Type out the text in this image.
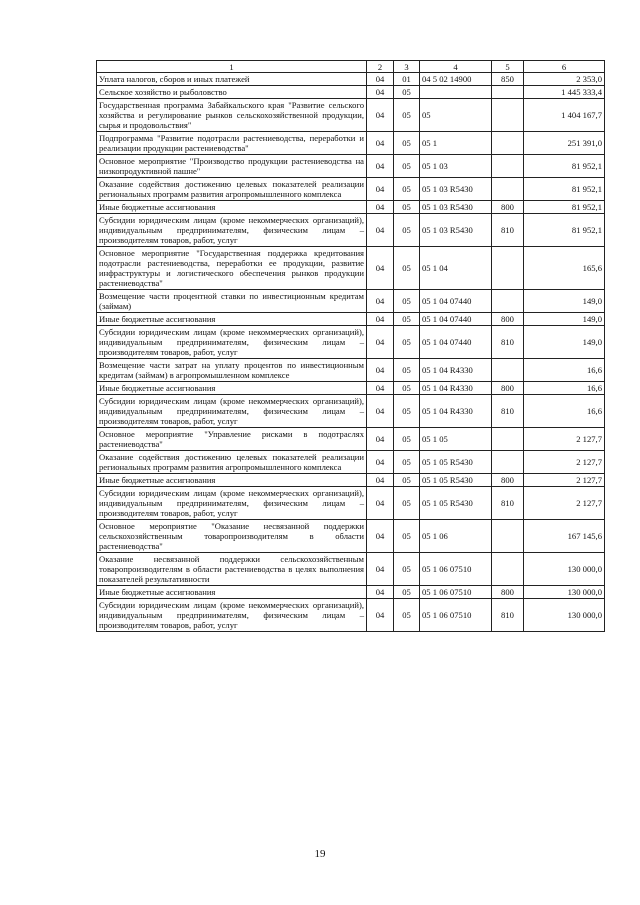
1	2	3	4	5	6
Уплата налогов, сборов и иных платежей	04	01	04 5 02 14900	850	2 353,0
Сельское хозяйство и рыболовство	04	05			1 445 333,4
Государственная программа Забайкальского края "Развитие сельского хозяйства и регулирование рынков сельскохозяйственной продукции, сырья и продовольствия"	04	05	05		1 404 167,7
Подпрограмма "Развитие подотрасли растениеводства, переработки и реализации продукции растениеводства"	04	05	05 1		251 391,0
Основное мероприятие "Производство продукции растениеводства на низкопродуктивной пашне"	04	05	05 1 03		81 952,1
Оказание содействия достижению целевых показателей реализации региональных программ развития агропромышленного комплекса	04	05	05 1 03 R5430		81 952,1
Иные бюджетные ассигнования	04	05	05 1 03 R5430	800	81 952,1
Субсидии юридическим лицам (кроме некоммерческих организаций), индивидуальным предпринимателям, физическим лицам – производителям товаров, работ, услуг	04	05	05 1 03 R5430	810	81 952,1
Основное мероприятие "Государственная поддержка кредитования подотрасли растениеводства, переработки ее продукции, развитие инфраструктуры и логистического обеспечения рынков продукции растениеводства"	04	05	05 1 04		165,6
Возмещение части процентной ставки по инвестиционным кредитам (займам)	04	05	05 1 04 07440		149,0
Иные бюджетные ассигнования	04	05	05 1 04 07440	800	149,0
Субсидии юридическим лицам (кроме некоммерческих организаций), индивидуальным предпринимателям, физическим лицам – производителям товаров, работ, услуг	04	05	05 1 04 07440	810	149,0
Возмещение части затрат на уплату процентов по инвестиционным кредитам (займам) в агропромышленном комплексе	04	05	05 1 04 R4330		16,6
Иные бюджетные ассигнования	04	05	05 1 04 R4330	800	16,6
Субсидии юридическим лицам (кроме некоммерческих организаций), индивидуальным предпринимателям, физическим лицам – производителям товаров, работ, услуг	04	05	05 1 04 R4330	810	16,6
Основное мероприятие "Управление рисками в подотраслях растениеводства"	04	05	05 1 05		2 127,7
Оказание содействия достижению целевых показателей реализации региональных программ развития агропромышленного комплекса	04	05	05 1 05 R5430		2 127,7
Иные бюджетные ассигнования	04	05	05 1 05 R5430	800	2 127,7
Субсидии юридическим лицам (кроме некоммерческих организаций), индивидуальным предпринимателям, физическим лицам – производителям товаров, работ, услуг	04	05	05 1 05 R5430	810	2 127,7
Основное мероприятие "Оказание несвязанной поддержки сельскохозяйственным товаропроизводителям в области растениеводства"	04	05	05 1 06		167 145,6
Оказание несвязанной поддержки сельскохозяйственным товаропроизводителям в области растениеводства в целях выполнения показателей результативности	04	05	05 1 06 07510		130 000,0
Иные бюджетные ассигнования	04	05	05 1 06 07510	800	130 000,0
Субсидии юридическим лицам (кроме некоммерческих организаций), индивидуальным предпринимателям, физическим лицам – производителям товаров, работ, услуг	04	05	05 1 06 07510	810	130 000,0
19
